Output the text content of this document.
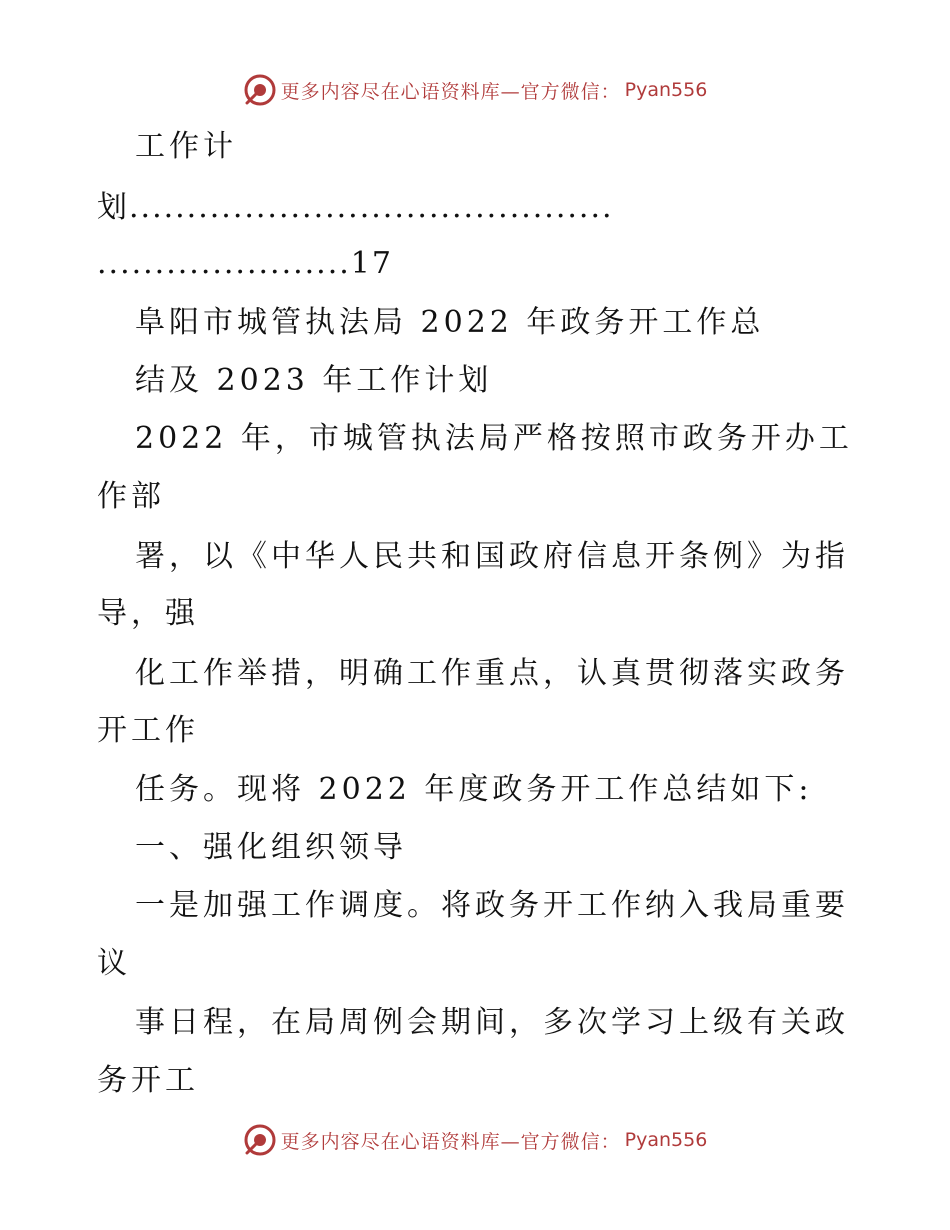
更多内容尽在心语资料库—官方微信： Pyan556
工作计
划..........................................
......................17
阜阳市城管执法局 2022 年政务开工作总
结及 2023 年工作计划
2022 年，市城管执法局严格按照市政务开办工
作部
署，以《中华人民共和国政府信息开条例》为指
导，强
化工作举措，明确工作重点，认真贯彻落实政务
开工作
任务。现将 2022 年度政务开工作总结如下:
一、强化组织领导
一是加强工作调度。将政务开工作纳入我局重要
议
事日程，在局周例会期间，多次学习上级有关政
务开工
更多内容尽在心语资料库—官方微信： Pyan556
